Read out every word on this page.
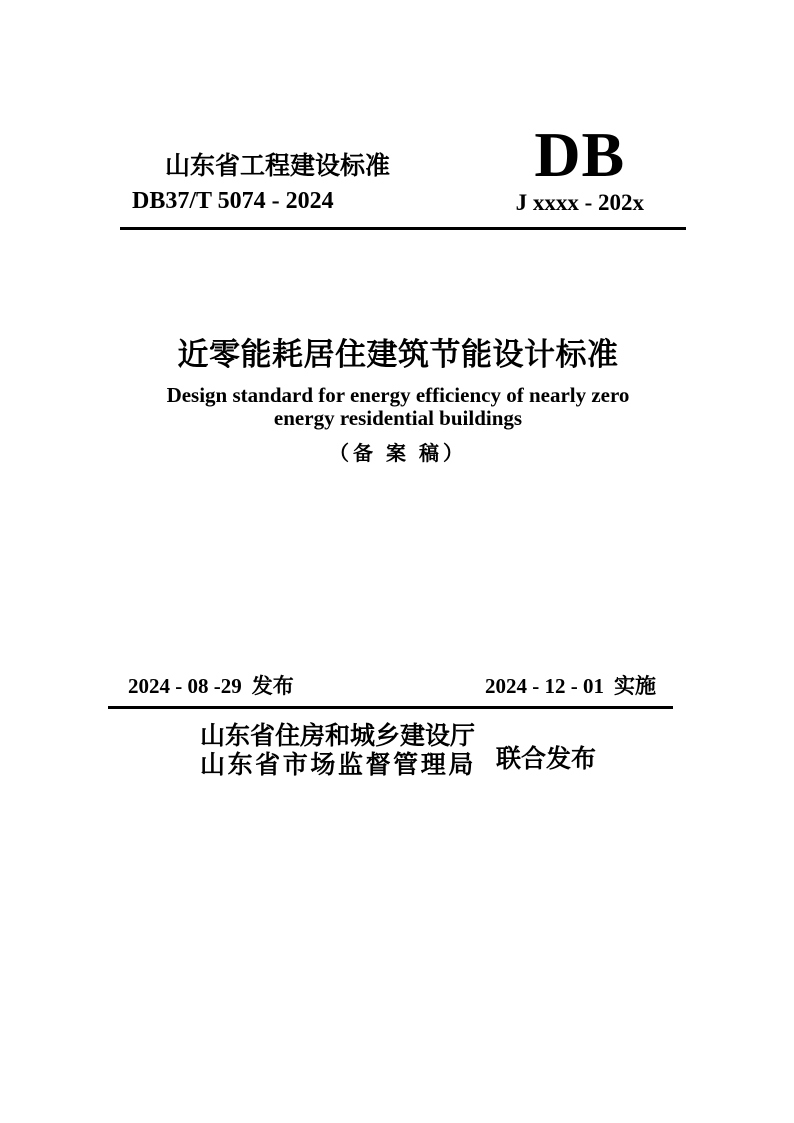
山东省工程建设标准
DB37/T 5074 - 2024
DB
J xxxx - 202x
近零能耗居住建筑节能设计标准
Design standard for energy efficiency of nearly zero
energy residential buildings
（备 案 稿）
2024 - 08 -29 发布	2024 - 12 - 01 实施
山东省住房和城乡建设厅
山东省市场监督管理局 联合发布
